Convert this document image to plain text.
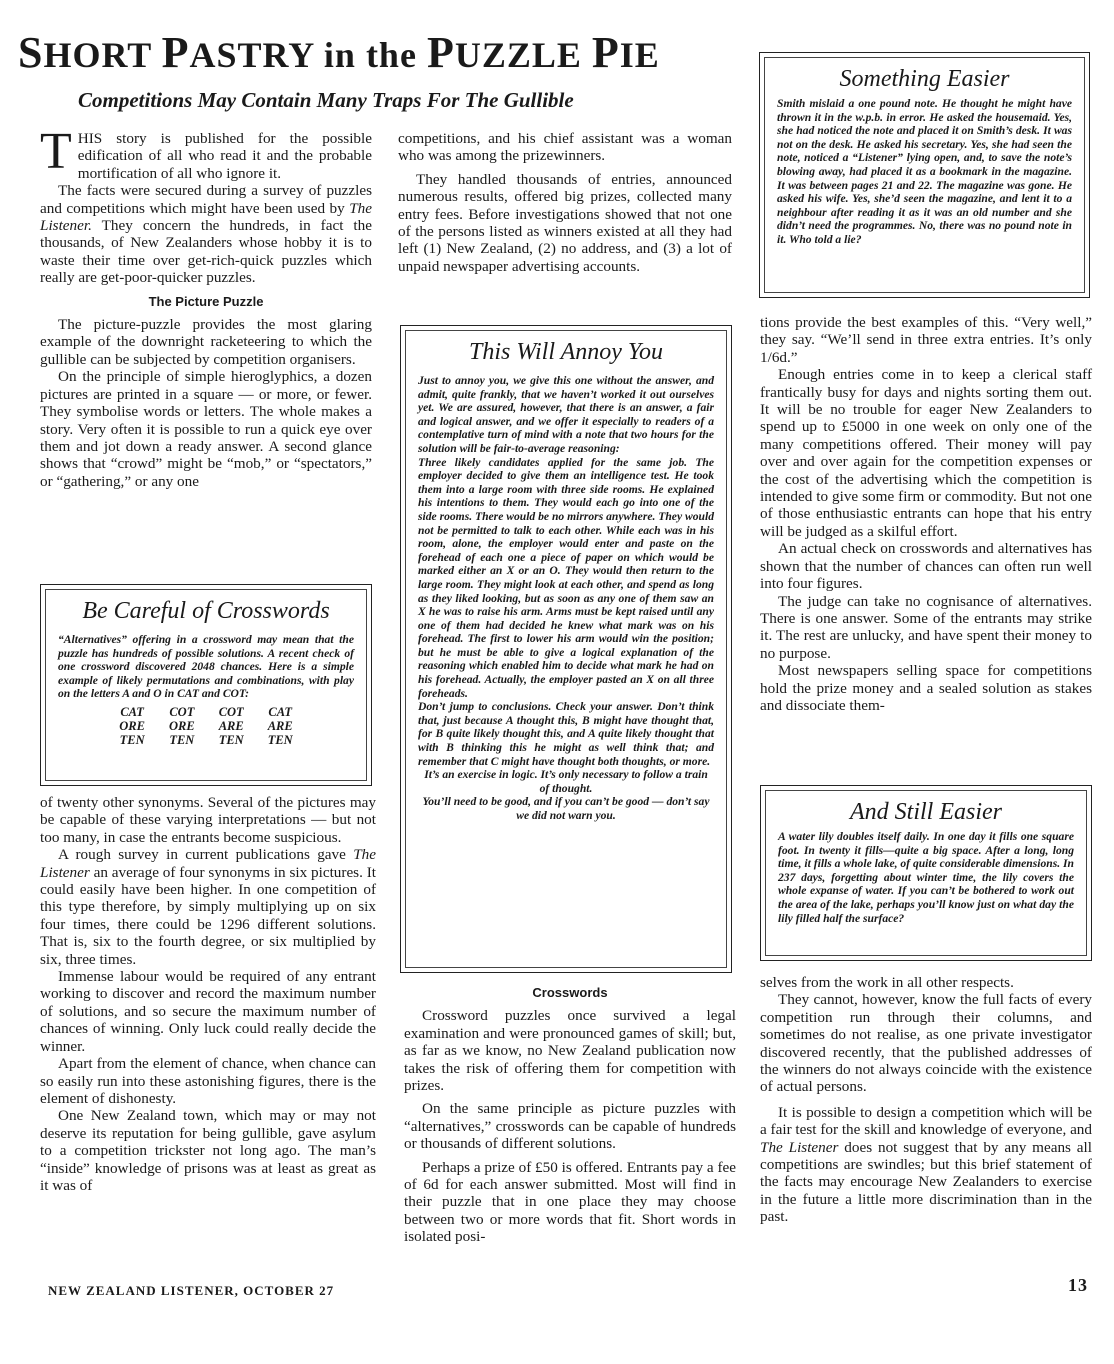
SHORT PASTRY in the PUZZLE PIE
Competitions May Contain Many Traps For The Gullible

THIS story is published for the possible edification of all who read it and the probable mortification of all who ignore it.

The facts were secured during a survey of puzzles and competitions which might have been used by The Listener. They concern the hundreds, in fact the thousands, of New Zealanders whose hobby it is to waste their time over get-rich-quick puzzles which really are get-poor-quicker puzzles.

The Picture Puzzle

The picture-puzzle provides the most glaring example of the downright racketeering to which the gullible can be subjected by competition organisers.

On the principle of simple hieroglyphics, a dozen pictures are printed in a square — or more, or fewer. They symbolise words or letters. The whole makes a story. Very often it is possible to run a quick eye over them and jot down a ready answer. A second glance shows that “crowd” might be “mob,” or “spectators,” or “gathering,” or any one

Be Careful of Crosswords

“Alternatives” offering in a crossword may mean that the puzzle has hundreds of possible solutions. A recent check of one crossword discovered 2048 chances. Here is a simple example of likely permutations and combinations, with play on the letters A and O in CAT and COT:

CAT	COT	COT	CAT
ORE	ORE	ARE	ARE
TEN	TEN	TEN	TEN

of twenty other synonyms. Several of the pictures may be capable of these varying interpretations — but not too many, in case the entrants become suspicious.

A rough survey in current publications gave The Listener an average of four synonyms in six pictures. It could easily have been higher. In one competition of this type therefore, by simply multiplying up on six four times, there could be 1296 different solutions. That is, six to the fourth degree, or six multiplied by six, three times.

Immense labour would be required of any entrant working to discover and record the maximum number of solutions, and so secure the maximum number of chances of winning. Only luck could really decide the winner.

Apart from the element of chance, when chance can so easily run into these astonishing figures, there is the element of dishonesty.

One New Zealand town, which may or may not deserve its reputation for being gullible, gave asylum to a competition trickster not long ago. The man’s “inside” knowledge of prisons was at least as great as it was of

competitions, and his chief assistant was a woman who was among the prizewinners.

They handled thousands of entries, announced numerous results, offered big prizes, collected many entry fees. Before investigations showed that not one of the persons listed as winners existed at all they had left (1) New Zealand, (2) no address, and (3) a lot of unpaid newspaper advertising accounts.

This Will Annoy You

Just to annoy you, we give this one without the answer, and admit, quite frankly, that we haven’t worked it out ourselves yet. We are assured, however, that there is an answer, a fair and logical answer, and we offer it especially to readers of a contemplative turn of mind with a note that two hours for the solution will be fair-to-average reasoning:

Three likely candidates applied for the same job. The employer decided to give them an intelligence test. He took them into a large room with three side rooms. He explained his intentions to them. They would each go into one of the side rooms. There would be no mirrors anywhere. They would not be permitted to talk to each other. While each was in his room, alone, the employer would enter and paste on the forehead of each one a piece of paper on which would be marked either an X or an O. They would then return to the large room. They might look at each other, and spend as long as they liked looking, but as soon as any one of them saw an X he was to raise his arm. Arms must be kept raised until any one of them had decided he knew what mark was on his forehead. The first to lower his arm would win the position; but he must be able to give a logical explanation of the reasoning which enabled him to decide what mark he had on his forehead. Actually, the employer pasted an X on all three foreheads.

Don’t jump to conclusions. Check your answer. Don’t think that, just because A thought this, B might have thought that, for B quite likely thought this, and A quite likely thought that with B thinking this he might as well think that; and remember that C might have thought both thoughts, or more.

It’s an exercise in logic. It’s only necessary to follow a train of thought.

You’ll need to be good, and if you can’t be good — don’t say we did not warn you.

Crosswords

Crossword puzzles once survived a legal examination and were pronounced games of skill; but, as far as we know, no New Zealand publication now takes the risk of offering them for competition with prizes.

On the same principle as picture puzzles with “alternatives,” crosswords can be capable of hundreds or thousands of different solutions.

Perhaps a prize of £50 is offered. Entrants pay a fee of 6d for each answer submitted. Most will find in their puzzle that in one place they may choose between two or more words that fit. Short words in isolated posi-

Something Easier

Smith mislaid a one pound note. He thought he might have thrown it in the w.p.b. in error. He asked the housemaid. Yes, she had noticed the note and placed it on Smith’s desk. It was not on the desk. He asked his secretary. Yes, she had seen the note, noticed a “Listener” lying open, and, to save the note’s blowing away, had placed it as a bookmark in the magazine. It was between pages 21 and 22. The magazine was gone. He asked his wife. Yes, she’d seen the magazine, and lent it to a neighbour after reading it as it was an old number and she didn’t need the programmes. No, there was no pound note in it. Who told a lie?

tions provide the best examples of this. “Very well,” they say. “We’ll send in three extra entries. It’s only 1/6d.”

Enough entries come in to keep a clerical staff frantically busy for days and nights sorting them out. It will be no trouble for eager New Zealanders to spend up to £5000 in one week on only one of the many competitions offered. Their money will pay over and over again for the competition expenses or the cost of the advertising which the competition is intended to give some firm or commodity. But not one of those enthusiastic entrants can hope that his entry will be judged as a skilful effort.

An actual check on crosswords and alternatives has shown that the number of chances can often run well into four figures.

The judge can take no cognisance of alternatives. There is one answer. Some of the entrants may strike it. The rest are unlucky, and have spent their money to no purpose.

Most newspapers selling space for competitions hold the prize money and a sealed solution as stakes and dissociate them-

And Still Easier

A water lily doubles itself daily. In one day it fills one square foot. In twenty it fills—quite a big space. After a long, long time, it fills a whole lake, of quite considerable dimensions. In 237 days, forgetting about winter time, the lily covers the whole expanse of water. If you can’t be bothered to work out the area of the lake, perhaps you’ll know just on what day the lily filled half the surface?

selves from the work in all other respects.

They cannot, however, know the full facts of every competition run through their columns, and sometimes do not realise, as one private investigator discovered recently, that the published addresses of the winners do not always coincide with the existence of actual persons.

It is possible to design a competition which will be a fair test for the skill and knowledge of everyone, and The Listener does not suggest that by any means all competitions are swindles; but this brief statement of the facts may encourage New Zealanders to exercise in the future a little more discrimination than in the past.

NEW ZEALAND LISTENER, OCTOBER 27	13
